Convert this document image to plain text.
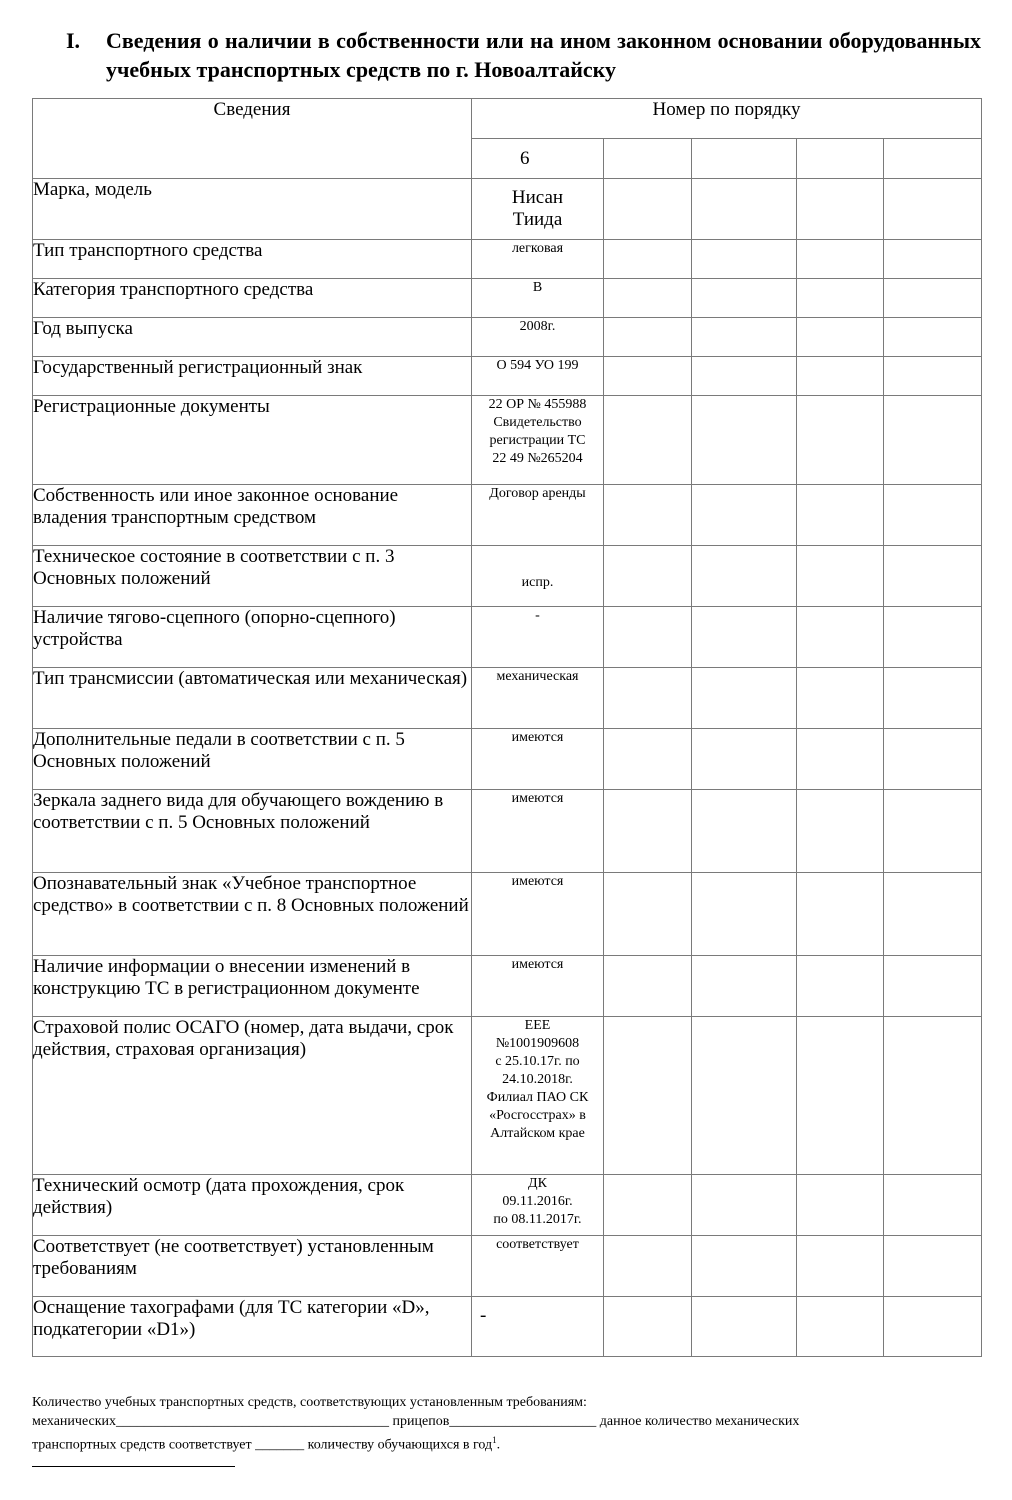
I. Сведения о наличии в собственности или на ином законном основании оборудованных учебных транспортных средств по г. Новоалтайску
Сведения	Номер по порядку				
	6				
Марка, модель	Нисан
Тиида				
Тип транспортного средства	легковая				
Категория транспортного средства	В				
Год выпуска	2008г.				
Государственный регистрационный знак	О 594 УО 199				
Регистрационные документы	22 ОР № 455988
Свидетельство регистрации ТС
22 49 №265204				
Собственность или иное законное основание владения транспортным средством	Договор аренды				
Техническое состояние в соответствии с п. 3 Основных положений	испр.				
Наличие тягово-сцепного (опорно-сцепного) устройства	-				
Тип трансмиссии (автоматическая или механическая)	механическая				
Дополнительные педали в соответствии с п. 5 Основных положений	имеются				
Зеркала заднего вида для обучающего вождению в соответствии с п. 5 Основных положений	имеются				
Опознавательный знак «Учебное транспортное средство» в соответствии с п. 8 Основных положений	имеются				
Наличие информации о внесении изменений в конструкцию ТС в регистрационном документе	имеются				
Страховой полис ОСАГО (номер, дата выдачи, срок действия, страховая организация)	ЕЕЕ
№1001909608
с 25.10.17г. по 24.10.2018г.
Филиал ПАО СК
«Росгосстрах» в Алтайском крае				
Технический осмотр (дата прохождения, срок действия)	ДК
09.11.2016г.
по 08.11.2017г.				
Соответствует (не соответствует) установленным требованиям	соответствует				
Оснащение тахографами (для ТС категории «D», подкатегории «D1»)	-				
Количество учебных транспортных средств, соответствующих установленным требованиям:
механических_______________________________________ прицепов_____________________ данное количество механических
транспортных средств соответствует _______ количеству обучающихся в год$^1$.
